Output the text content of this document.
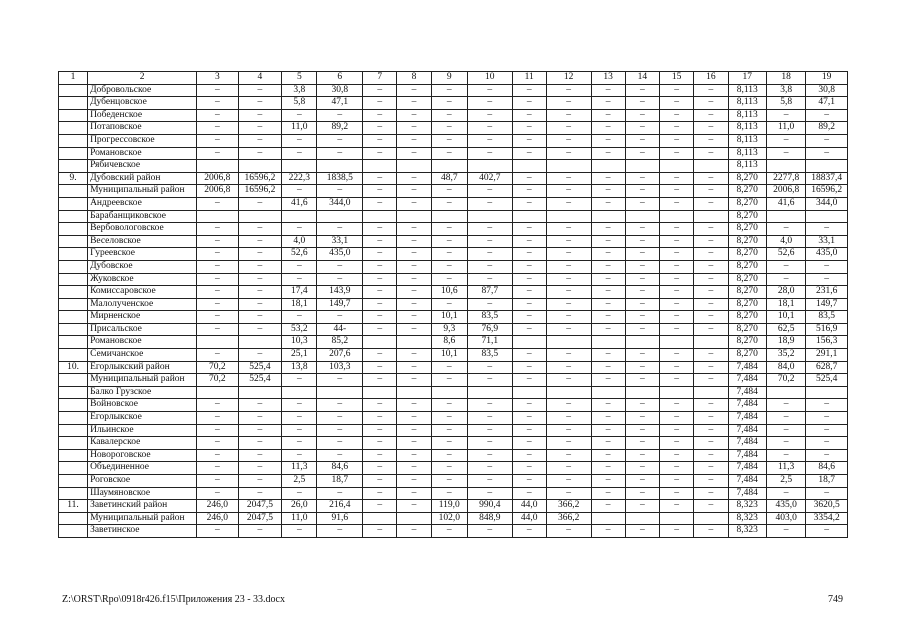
1	2	3	4	5	6	7	8	9	10	11	12	13	14	15	16	17	18	19
	Добровольское	–	–	3,8	30,8	–	–	–	–	–	–	–	–	–	–	8,113	3,8	30,8
	Дубенцовское	–	–	5,8	47,1	–	–	–	–	–	–	–	–	–	–	8,113	5,8	47,1
	Победенское	–	–	–	–	–	–	–	–	–	–	–	–	–	–	8,113	–	–
	Потаповское	–	–	11,0	89,2	–	–	–	–	–	–	–	–	–	–	8,113	11,0	89,2
	Прогрессовское	–	–	–	–	–	–	–	–	–	–	–	–	–	–	8,113	–	–
	Романовское	–	–	–	–	–	–	–	–	–	–	–	–	–	–	8,113	–	–
	Рябичевское															8,113		
9.	Дубовский район	2006,8	16596,2	222,3	1838,5	–	–	48,7	402,7	–	–	–	–	–	–	8,270	2277,8	18837,4
	Муниципальный район	2006,8	16596,2	–	–	–	–	–	–	–	–	–	–	–	–	8,270	2006,8	16596,2
	Андреевское	–	–	41,6	344,0	–	–	–	–	–	–	–	–	–	–	8,270	41,6	344,0
	Барабанщиковское															8,270		
	Вербовологовское	–	–	–	–	–	–	–	–	–	–	–	–	–	–	8,270	–	–
	Веселовское	–	–	4,0	33,1	–	–	–	–	–	–	–	–	–	–	8,270	4,0	33,1
	Гуреевское	–	–	52,6	435,0	–	–	–	–	–	–	–	–	–	–	8,270	52,6	435,0
	Дубовское	–	–	–	–	–	–	–	–	–	–	–	–	–	–	8,270	–	–
	Жуковское	–	–	–	–	–	–	–	–	–	–	–	–	–	–	8,270	–	–
	Комиссаровское	–	–	17,4	143,9	–	–	10,6	87,7	–	–	–	–	–	–	8,270	28,0	231,6
	Малолученское	–	–	18,1	149,7	–	–	–	–	–	–	–	–	–	–	8,270	18,1	149,7
	Мирненское	–	–	–	–	–	–	10,1	83,5	–	–	–	–	–	–	8,270	10,1	83,5
	Присальское	–	–	53,2	44-	–	–	9,3	76,9	–	–	–	–	–	–	8,270	62,5	516,9
	Романовское			10,3	85,2			8,6	71,1							8,270	18,9	156,3
	Семичанское	–	–	25,1	207,6	–	–	10,1	83,5	–	–	–	–	–	–	8,270	35,2	291,1
10.	Егорлыкский район	70,2	525,4	13,8	103,3	–	–	–	–	–	–	–	–	–	–	7,484	84,0	628,7
	Муниципальный район	70,2	525,4	–	–	–	–	–	–	–	–	–	–	–	–	7,484	70,2	525,4
	Балко Грузское															7,484		
	Войновское	–	–	–	–	–	–	–	–	–	–	–	–	–	–	7,484	–	–
	Егорлыкское	–	–	–	–	–	–	–	–	–	–	–	–	–	–	7,484	–	–
	Ильинское	–	–	–	–	–	–	–	–	–	–	–	–	–	–	7,484	–	–
	Кавалерское	–	–	–	–	–	–	–	–	–	–	–	–	–	–	7,484	–	–
	Новороговское	–	–	–	–	–	–	–	–	–	–	–	–	–	–	7,484	–	–
	Объединенное	–	–	11,3	84,6	–	–	–	–	–	–	–	–	–	–	7,484	11,3	84,6
	Роговское	–	–	2,5	18,7	–	–	–	–	–	–	–	–	–	–	7,484	2,5	18,7
	Шаумяновское	–	–	–	–	–	–	–	–	–	–	–	–	–	–	7,484	–	–
11.	Заветинский район	246,0	2047,5	26,0	216,4	–	–	119,0	990,4	44,0	366,2	–	–	–	–	8,323	435,0	3620,5
	Муниципальный район	246,0	2047,5	11,0	91,6			102,0	848,9	44,0	366,2					8,323	403,0	3354,2
	Заветинское	–	–	–	–	–	–	–	–	–	–	–	–	–	–	8,323	–	–
Z:\ORST\Rpo\0918r426.f15\Приложения 23 - 33.docx	749
